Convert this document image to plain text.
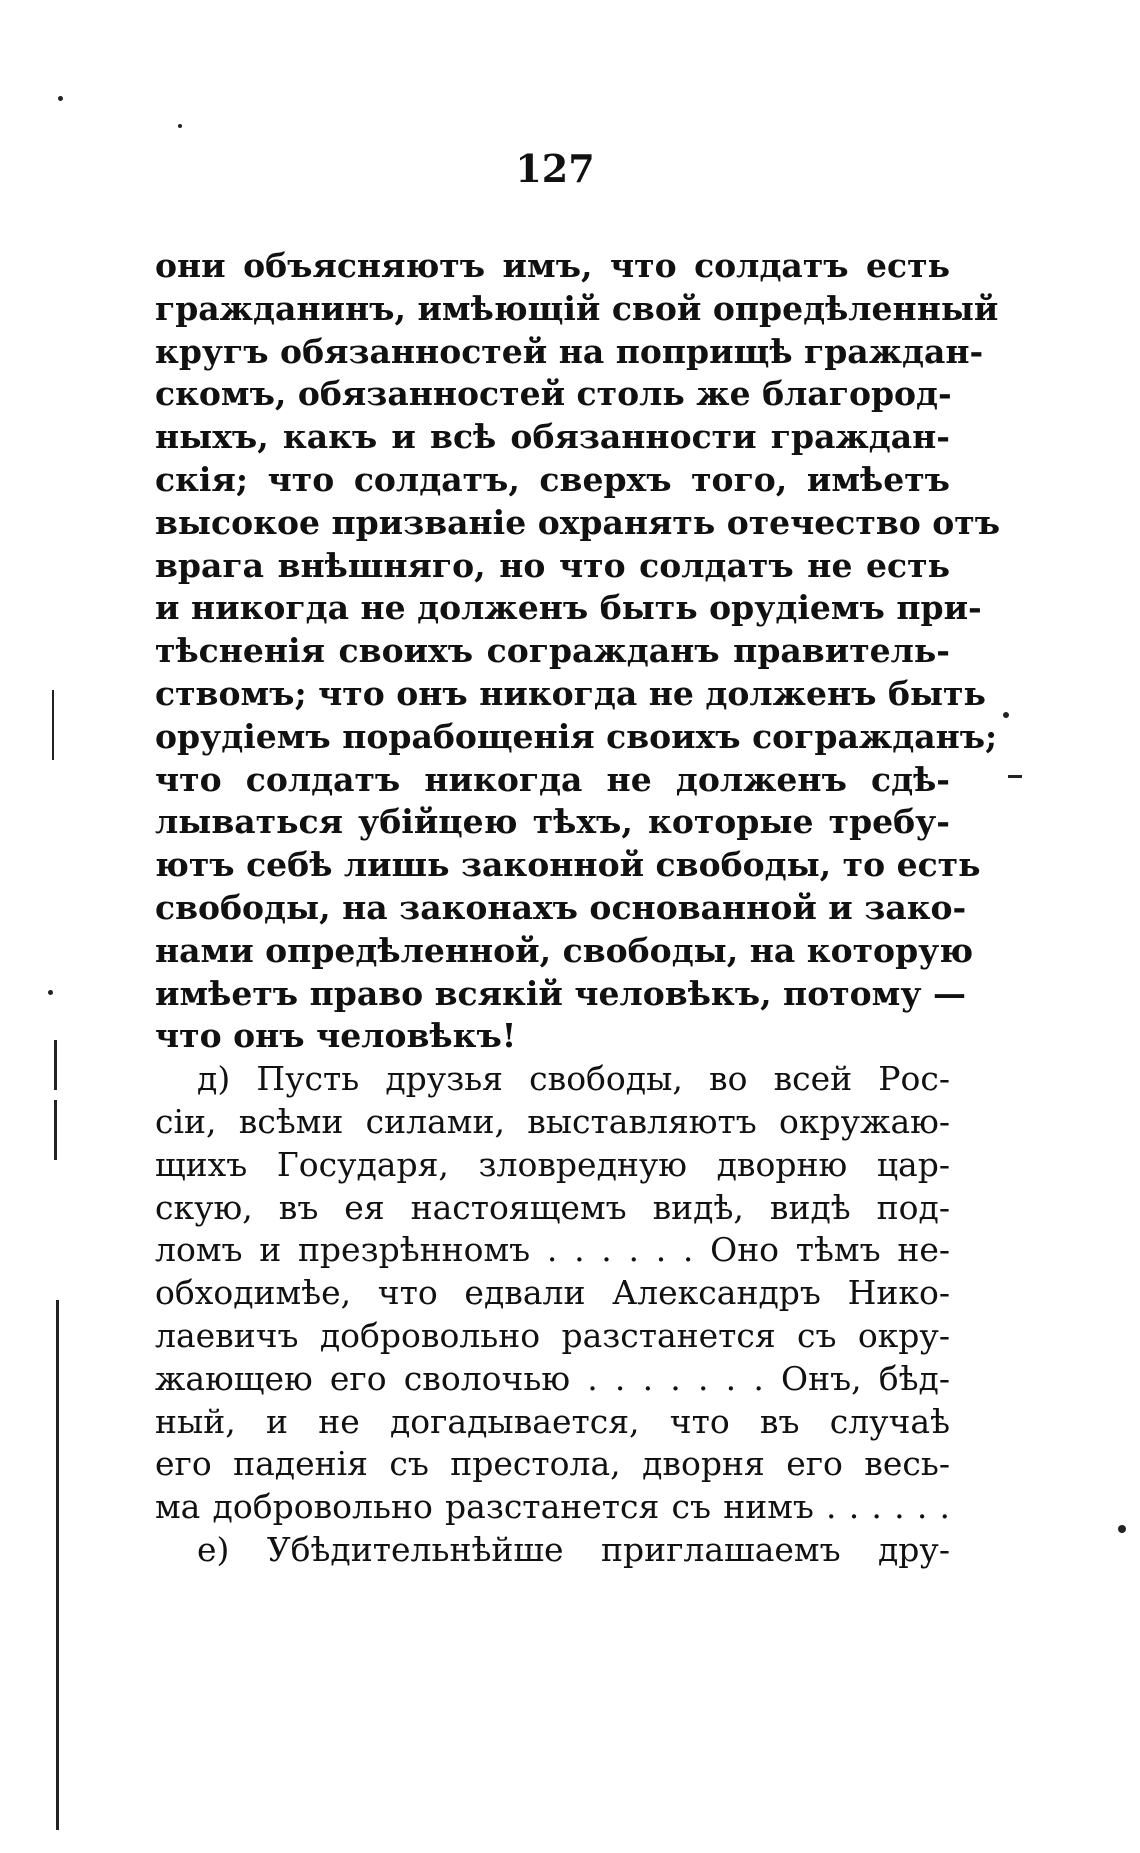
127
они объясняютъ имъ, что солдатъ есть
гражданинъ, имѣющій свой опредѣленный
кругъ обязанностей на поприщѣ граждан-
скомъ, обязанностей столь же благород-
ныхъ, какъ и всѣ обязанности граждан-
скія; что солдатъ, сверхъ того, имѣетъ
высокое призваніе охранять отечество отъ
врага внѣшняго, но что солдатъ не есть
и никогда не долженъ быть орудіемъ при-
тѣсненія своихъ согражданъ правитель-
ствомъ; что онъ никогда не долженъ быть
орудіемъ порабощенія своихъ согражданъ;
что солдатъ никогда не долженъ сдѣ-
лываться убійцею тѣхъ, которые требу-
ютъ себѣ лишь законной свободы, то есть
свободы, на законахъ основанной и зако-
нами опредѣленной, свободы, на которую
имѣетъ право всякій человѣкъ, потому —
что онъ человѣкъ!
д) Пусть друзья свободы, во всей Рос-
сіи, всѣми силами, выставляютъ окружаю-
щихъ Государя, зловредную дворню цар-
скую, въ ея настоящемъ видѣ, видѣ под-
ломъ и презрѣнномъ . . . . . . Оно тѣмъ не-
обходимѣе, что едвали Александръ Нико-
лаевичъ добровольно разстанется съ окру-
жающею его сволочью . . . . . . . Онъ, бѣд-
ный, и не догадывается, что въ случаѣ
его паденія съ престола, дворня его весь-
ма добровольно разстанется съ нимъ . . . . . .
е) Убѣдительнѣйше приглашаемъ дру-
